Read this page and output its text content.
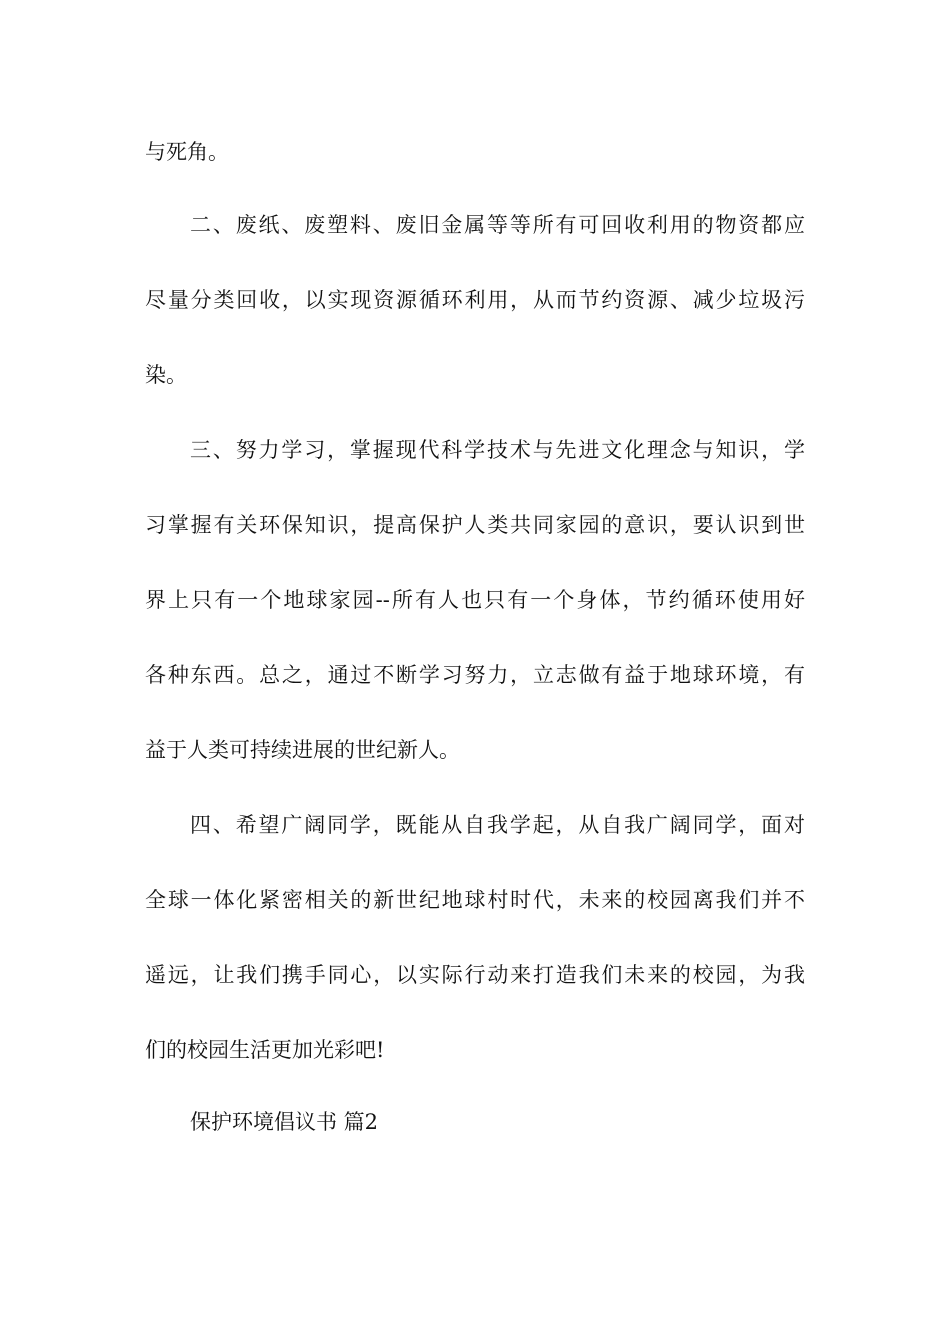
与死角。
二、废纸、废塑料、废旧金属等等所有可回收利用的物资都应
尽量分类回收，以实现资源循环利用，从而节约资源、减少垃圾污
染。
三、努力学习，掌握现代科学技术与先进文化理念与知识，学
习掌握有关环保知识，提高保护人类共同家园的意识，要认识到世
界上只有一个地球家园--所有人也只有一个身体，节约循环使用好
各种东西。总之，通过不断学习努力，立志做有益于地球环境，有
益于人类可持续进展的世纪新人。
四、希望广阔同学，既能从自我学起，从自我广阔同学，面对
全球一体化紧密相关的新世纪地球村时代，未来的校园离我们并不
遥远，让我们携手同心，以实际行动来打造我们未来的校园，为我
们的校园生活更加光彩吧!
保护环境倡议书 篇2
